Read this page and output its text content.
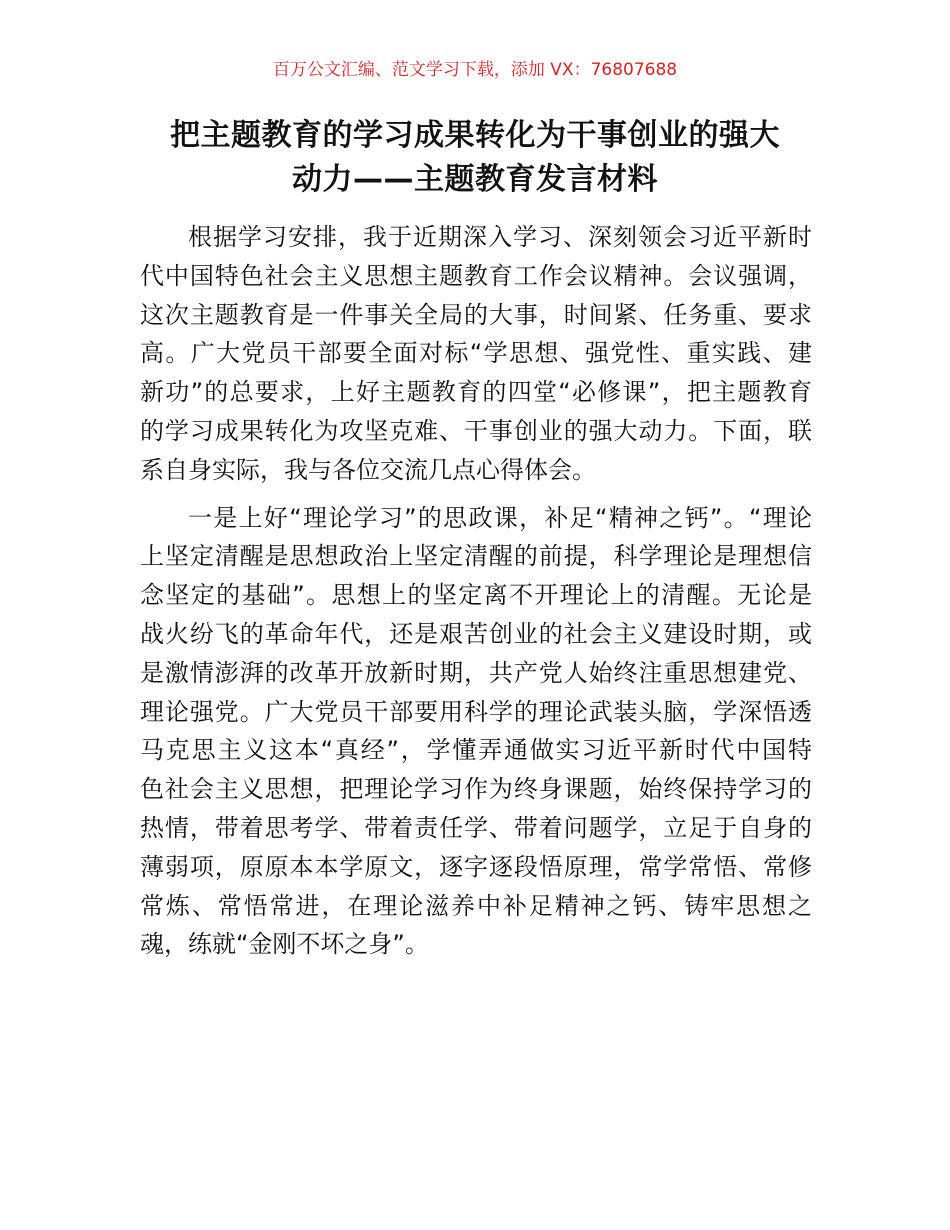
百万公文汇编、范文学习下载，添加 VX：76807688
把主题教育的学习成果转化为干事创业的强大
动力——主题教育发言材料

根据学习安排，我于近期深入学习、深刻领会习近平新时
代中国特色社会主义思想主题教育工作会议精神。会议强调，
这次主题教育是一件事关全局的大事，时间紧、任务重、要求
高。广大党员干部要全面对标“学思想、强党性、重实践、建
新功”的总要求，上好主题教育的四堂“必修课”，把主题教育
的学习成果转化为攻坚克难、干事创业的强大动力。下面，联
系自身实际，我与各位交流几点心得体会。

一是上好“理论学习”的思政课，补足“精神之钙”。“理论
上坚定清醒是思想政治上坚定清醒的前提，科学理论是理想信
念坚定的基础”。思想上的坚定离不开理论上的清醒。无论是
战火纷飞的革命年代，还是艰苦创业的社会主义建设时期，或
是激情澎湃的改革开放新时期，共产党人始终注重思想建党、
理论强党。广大党员干部要用科学的理论武装头脑，学深悟透
马克思主义这本“真经”，学懂弄通做实习近平新时代中国特
色社会主义思想，把理论学习作为终身课题，始终保持学习的
热情，带着思考学、带着责任学、带着问题学，立足于自身的
薄弱项，原原本本学原文，逐字逐段悟原理，常学常悟、常修
常炼、常悟常进，在理论滋养中补足精神之钙、铸牢思想之
魂，练就“金刚不坏之身”。
